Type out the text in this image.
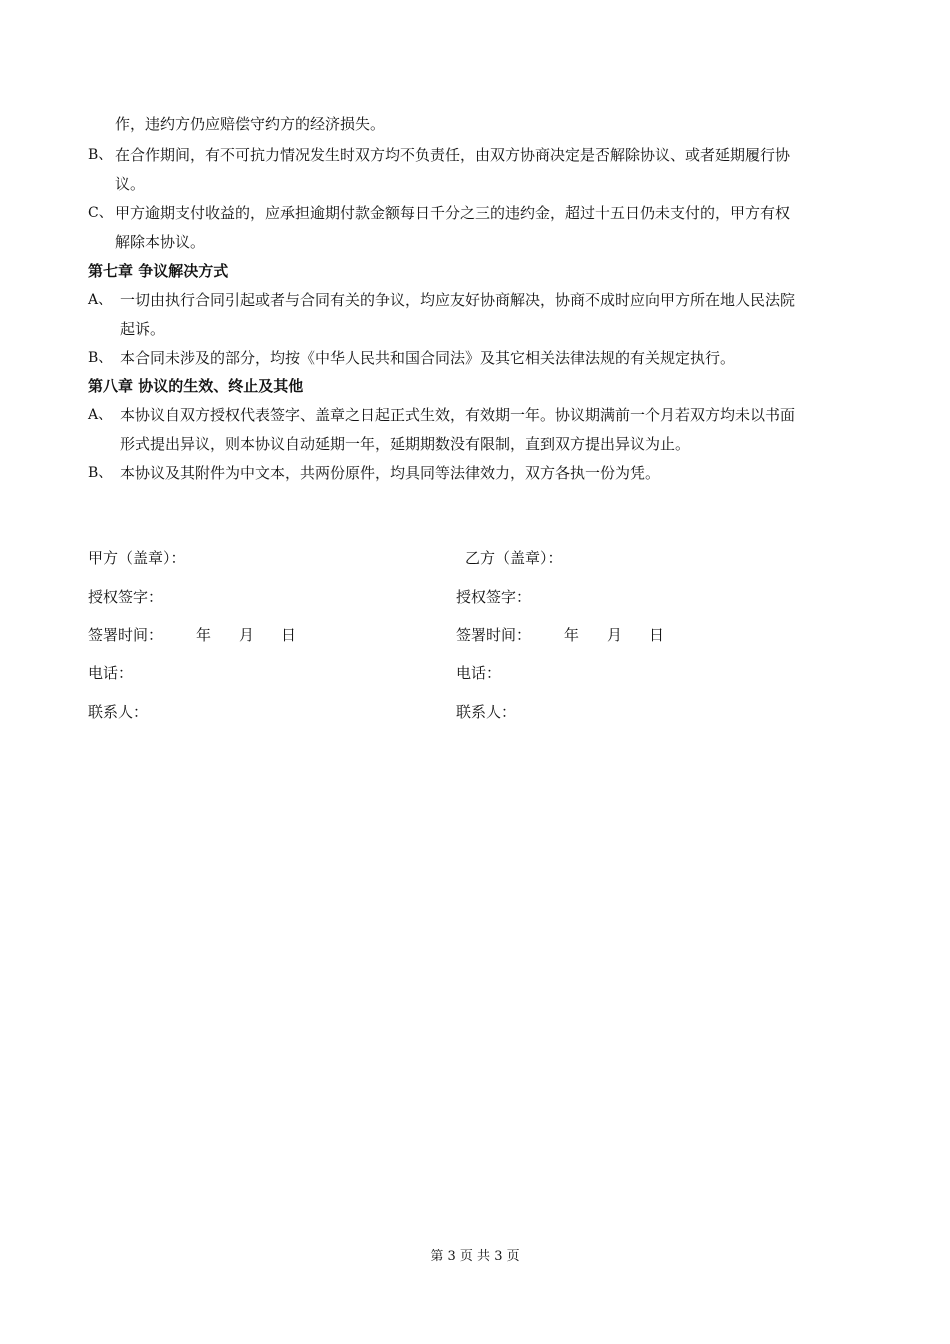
作，违约方仍应赔偿守约方的经济损失。
B、 在合作期间，有不可抗力情况发生时双方均不负责任，由双方协商决定是否解除协议、或者延期履行协
议。
C、 甲方逾期支付收益的，应承担逾期付款金额每日千分之三的违约金，超过十五日仍未支付的，甲方有权
解除本协议。
第七章 争议解决方式
A、 一切由执行合同引起或者与合同有关的争议，均应友好协商解决，协商不成时应向甲方所在地人民法院
起诉。
B、 本合同未涉及的部分，均按《中华人民共和国合同法》及其它相关法律法规的有关规定执行。
第八章 协议的生效、终止及其他
A、 本协议自双方授权代表签字、盖章之日起正式生效，有效期一年。协议期满前一个月若双方均未以书面
形式提出异议，则本协议自动延期一年，延期期数没有限制，直到双方提出异议为止。
B、 本协议及其附件为中文本，共两份原件，均具同等法律效力，双方各执一份为凭。
甲方（盖章）：
授权签字：
签署时间： 年 月 日
电话：
联系人：
乙方（盖章）：
授权签字：
签署时间： 年 月 日
电话：
联系人：
第 3 页 共 3 页
